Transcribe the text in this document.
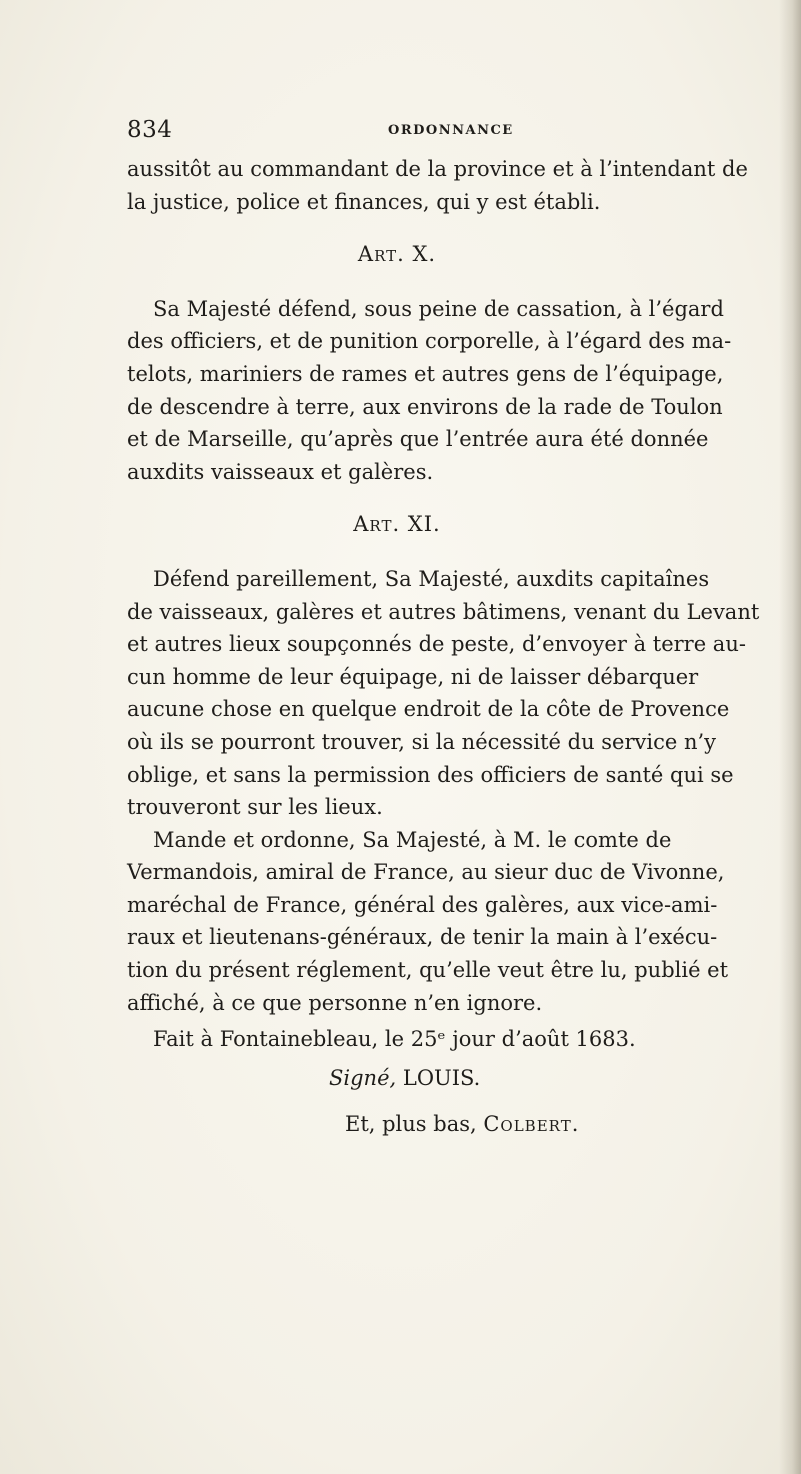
834	ORDONNANCE
aussitôt au commandant de la province et à l’intendant de
la justice, police et finances, qui y est établi.
Art. X.
Sa Majesté défend, sous peine de cassation, à l’égard
des officiers, et de punition corporelle, à l’égard des ma-
telots, mariniers de rames et autres gens de l’équipage,
de descendre à terre, aux environs de la rade de Toulon
et de Marseille, qu’après que l’entrée aura été donnée
auxdits vaisseaux et galères.
Art. XI.
Défend pareillement, Sa Majesté, auxdits capitaînes
de vaisseaux, galères et autres bâtimens, venant du Levant
et autres lieux soupçonnés de peste, d’envoyer à terre au-
cun homme de leur équipage, ni de laisser débarquer
aucune chose en quelque endroit de la côte de Provence
où ils se pourront trouver, si la nécessité du service n’y
oblige, et sans la permission des officiers de santé qui se
trouveront sur les lieux.
Mande et ordonne, Sa Majesté, à M. le comte de
Vermandois, amiral de France, au sieur duc de Vivonne,
maréchal de France, général des galères, aux vice-ami-
raux et lieutenans-généraux, de tenir la main à l’exécu-
tion du présent réglement, qu’elle veut être lu, publié et
affiché, à ce que personne n’en ignore.
Fait à Fontainebleau, le 25ᵉ jour d’août 1683.
Signé, LOUIS.
Et, plus bas, Colbert.
